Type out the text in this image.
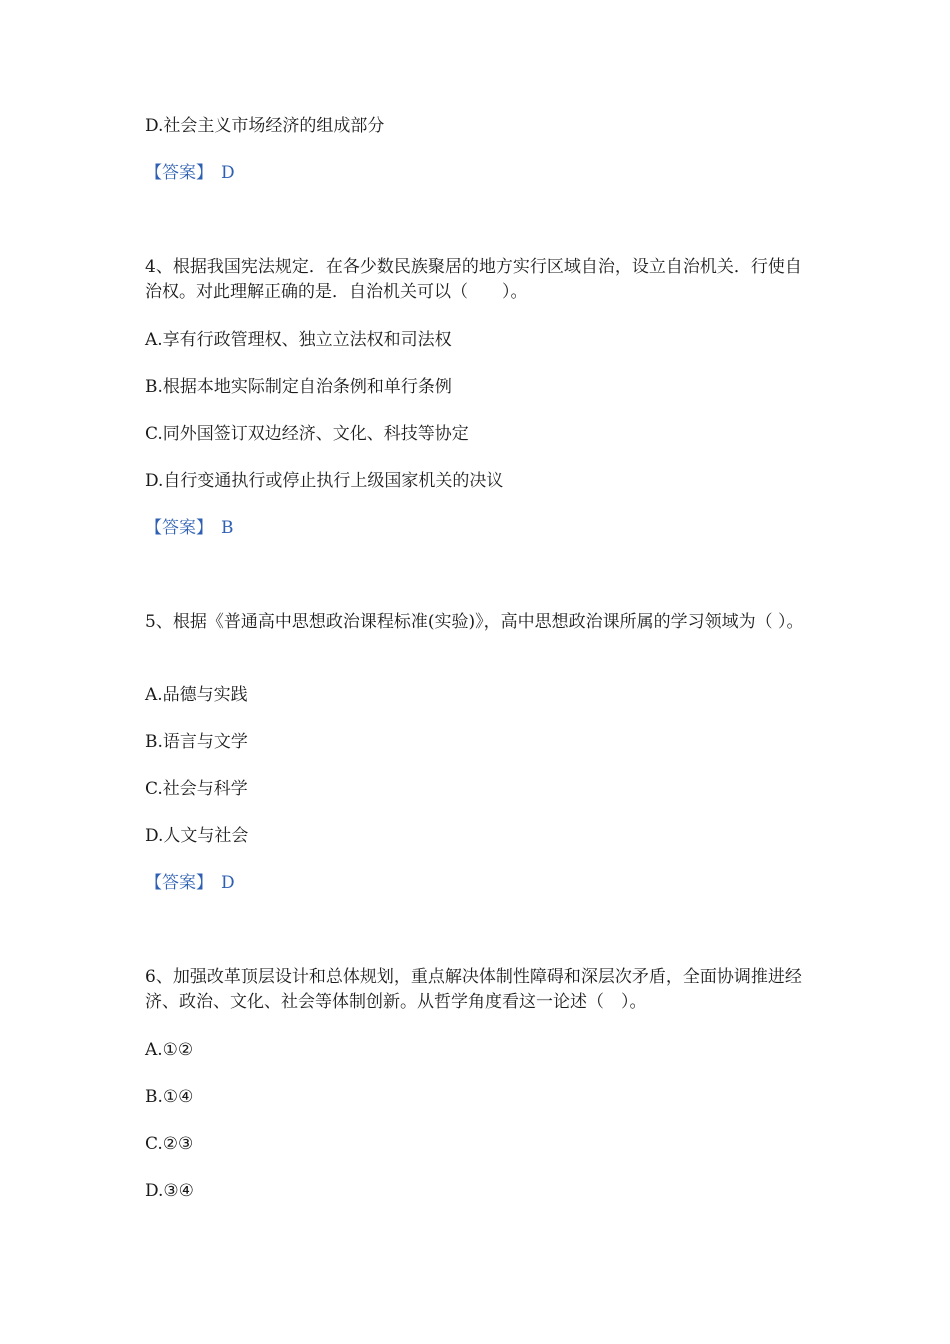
D.社会主义市场经济的组成部分
【答案】 D
4、根据我国宪法规定．在各少数民族聚居的地方实行区域自治，设立自治机关．行使自治权。对此理解正确的是．自治机关可以（　　）。
A.享有行政管理权、独立立法权和司法权
B.根据本地实际制定自治条例和单行条例
C.同外国签订双边经济、文化、科技等协定
D.自行变通执行或停止执行上级国家机关的决议
【答案】 B
5、根据《普通高中思想政治课程标准(实验)》，高中思想政治课所属的学习领域为（ ）。
A.品德与实践
B.语言与文学
C.社会与科学
D.人文与社会
【答案】 D
6、加强改革顶层设计和总体规划，重点解决体制性障碍和深层次矛盾，全面协调推进经济、政治、文化、社会等体制创新。从哲学角度看这一论述（　）。
A.①②
B.①④
C.②③
D.③④
